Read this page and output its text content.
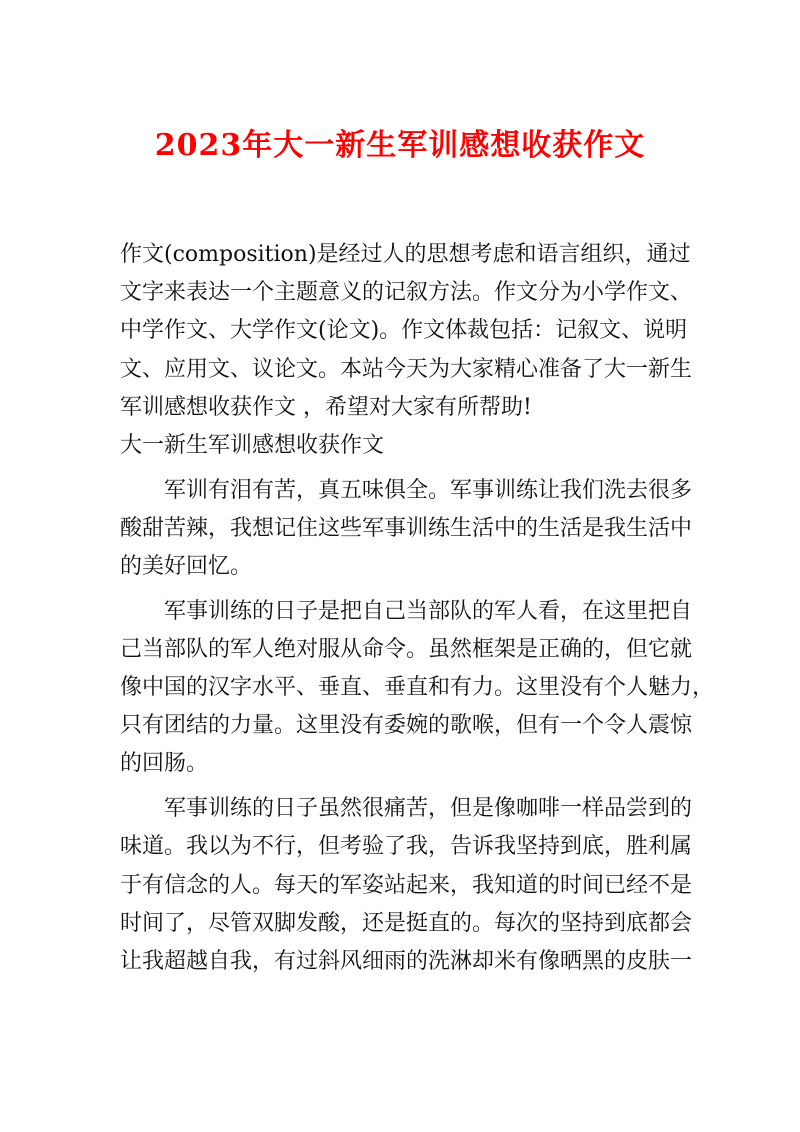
2023年大一新生军训感想收获作文
作文(composition)是经过人的思想考虑和语言组织，通过
文字来表达一个主题意义的记叙方法。作文分为小学作文、
中学作文、大学作文(论文)。作文体裁包括：记叙文、说明
文、应用文、议论文。本站今天为大家精心准备了大一新生
军训感想收获作文 ，希望对大家有所帮助!
大一新生军训感想收获作文
军训有泪有苦，真五味俱全。军事训练让我们洗去很多
酸甜苦辣，我想记住这些军事训练生活中的生活是我生活中
的美好回忆。
军事训练的日子是把自己当部队的军人看，在这里把自
己当部队的军人绝对服从命令。虽然框架是正确的，但它就
像中国的汉字水平、垂直、垂直和有力。这里没有个人魅力，
只有团结的力量。这里没有委婉的歌喉，但有一个令人震惊
的回肠。
军事训练的日子虽然很痛苦，但是像咖啡一样品尝到的
味道。我以为不行，但考验了我，告诉我坚持到底，胜利属
于有信念的人。每天的军姿站起来，我知道的时间已经不是
时间了，尽管双脚发酸，还是挺直的。每次的坚持到底都会
让我超越自我，有过斜风细雨的洗淋却米有像晒黑的皮肤一
